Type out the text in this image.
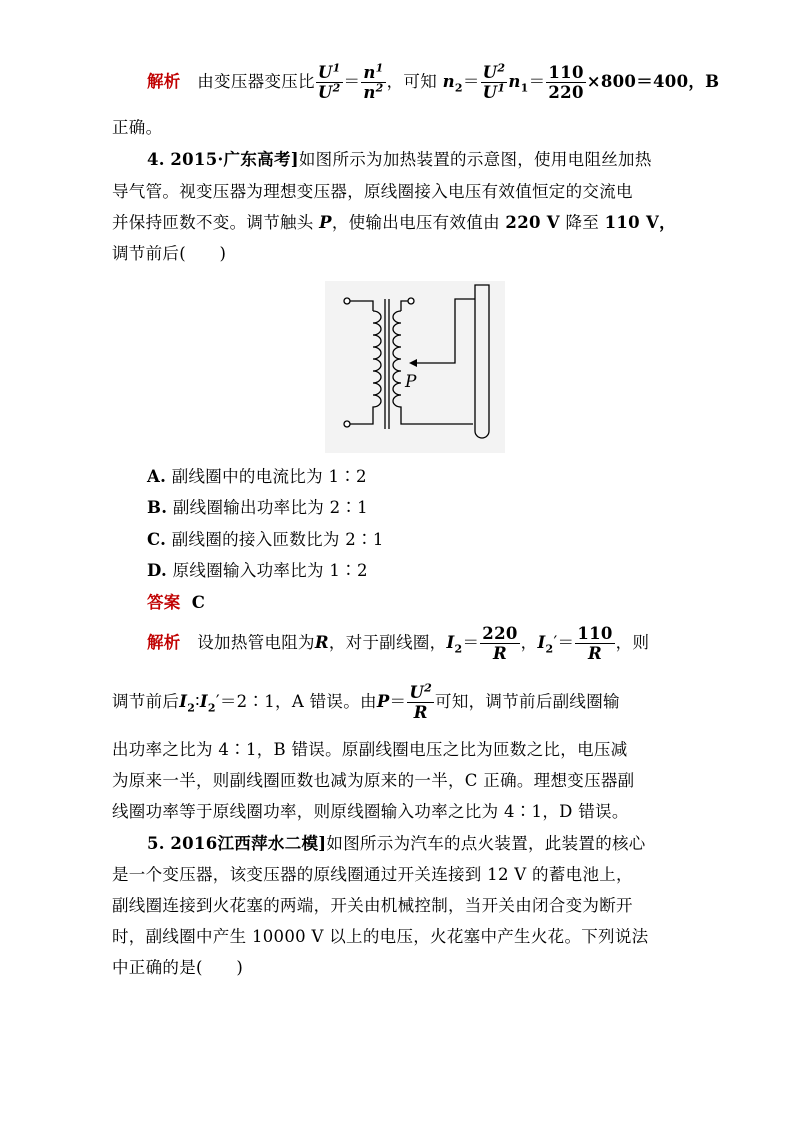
解析 由变压器变压比 $\frac{U^1}{U^2} = \frac{n^1}{n^2}$ ，可知 $n_2= \frac{U^2}{U^1} n_1= \frac{110}{220} \times 800=400$，B
正确。
4. 2015·广东高考]如图所示为加热装置的示意图，使用电阻丝加热
导气管。视变压器为理想变压器，原线圈接入电压有效值恒定的交流电
并保持匝数不变。调节触头 P，使输出电压有效值由 220 V 降至 110 V，
调节前后(　　)
P
A. 副线圈中的电流比为 1∶2
B. 副线圈输出功率比为 2∶1
C. 副线圈的接入匝数比为 2∶1
D. 原线圈输入功率比为 1∶2
答案 C
解析 设加热管电阻为R，对于副线圈，$I_2= \frac{220}{R}$ ，$I_2'= \frac{110}{R}$ ，则
调节前后$I_2∶I_2'=2∶1$，A 错误。由$P= \frac{U^2}{R}$ 可知，调节前后副线圈输
出功率之比为 4∶1，B 错误。原副线圈电压之比为匝数之比，电压减
为原来一半，则副线圈匝数也减为原来的一半，C 正确。理想变压器副
线圈功率等于原线圈功率，则原线圈输入功率之比为 4∶1，D 错误。
5. 2016江西萍水二模]如图所示为汽车的点火装置，此装置的核心
是一个变压器，该变压器的原线圈通过开关连接到 12 V 的蓄电池上，
副线圈连接到火花塞的两端，开关由机械控制，当开关由闭合变为断开
时，副线圈中产生 10000 V 以上的电压，火花塞中产生火花。下列说法
中正确的是(　　)
